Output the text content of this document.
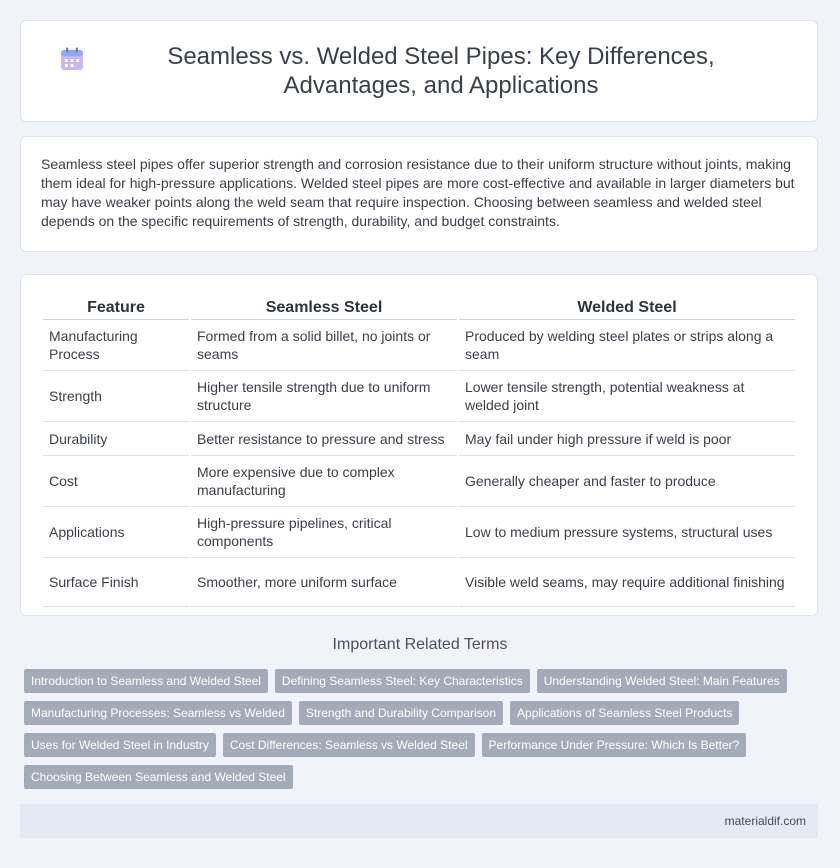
Seamless vs. Welded Steel Pipes: Key Differences, Advantages, and Applications

Seamless steel pipes offer superior strength and corrosion resistance due to their uniform structure without joints, making them ideal for high-pressure applications. Welded steel pipes are more cost-effective and available in larger diameters but may have weaker points along the weld seam that require inspection. Choosing between seamless and welded steel depends on the specific requirements of strength, durability, and budget constraints.

Feature	Seamless Steel	Welded Steel
Manufacturing Process	Formed from a solid billet, no joints or seams	Produced by welding steel plates or strips along a seam
Strength	Higher tensile strength due to uniform structure	Lower tensile strength, potential weakness at welded joint
Durability	Better resistance to pressure and stress	May fail under high pressure if weld is poor
Cost	More expensive due to complex manufacturing	Generally cheaper and faster to produce
Applications	High-pressure pipelines, critical components	Low to medium pressure systems, structural uses
Surface Finish	Smoother, more uniform surface	Visible weld seams, may require additional finishing
Important Related Terms
Introduction to Seamless and Welded Steel	Defining Seamless Steel: Key Characteristics	Understanding Welded Steel: Main Features
Manufacturing Processes: Seamless vs Welded	Strength and Durability Comparison	Applications of Seamless Steel Products
Uses for Welded Steel in Industry	Cost Differences: Seamless vs Welded Steel	Performance Under Pressure: Which Is Better?
Choosing Between Seamless and Welded Steel
materialdif.com
